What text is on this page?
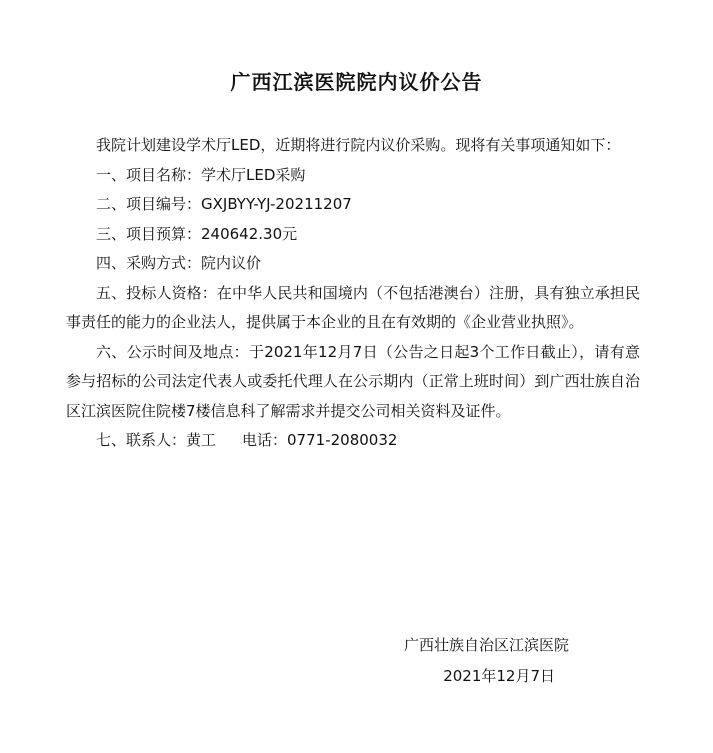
广西江滨医院院内议价公告

我院计划建设学术厅LED，近期将进行院内议价采购。现将有关事项通知如下：

一、项目名称：学术厅LED采购

二、项目编号：GXJBYY-YJ-20211207

三、项目预算：240642.30元

四、采购方式：院内议价

五、投标人资格：在中华人民共和国境内（不包括港澳台）注册，具有独立承担民事责任的能力的企业法人，提供属于本企业的且在有效期的《企业营业执照》。

六、公示时间及地点：于2021年12月7日（公告之日起3个工作日截止），请有意参与招标的公司法定代表人或委托代理人在公示期内（正常上班时间）到广西壮族自治区江滨医院住院楼7楼信息科了解需求并提交公司相关资料及证件。

七、联系人：黄工 电话：0771-2080032

广西壮族自治区江滨医院
2021年12月7日
